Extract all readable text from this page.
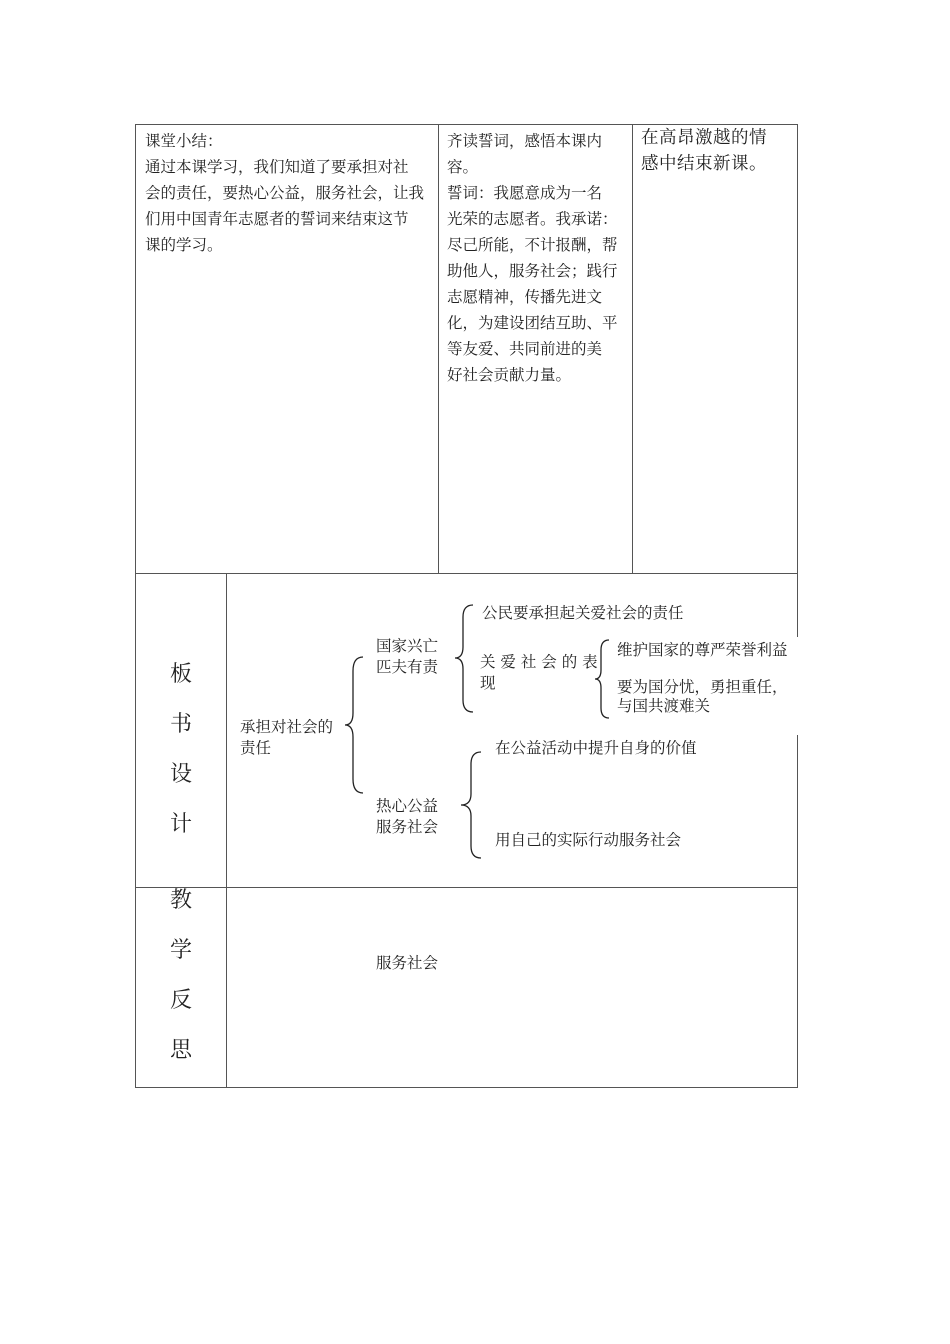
课堂小结：
通过本课学习，我们知道了要承担对社
会的责任，要热心公益，服务社会，让我
们用中国青年志愿者的誓词来结束这节
课的学习。
齐读誓词，感悟本课内
容。
誓词：我愿意成为一名
光荣的志愿者。我承诺：
尽己所能，不计报酬，帮
助他人，服务社会；践行
志愿精神，传播先进文
化，为建设团结互助、平
等友爱、共同前进的美
好社会贡献力量。
在高昂激越的情
感中结束新课。
板
书
设
计
承担对社会的
责任
国家兴亡
匹夫有责
公民要承担起关爱社会的责任
关 爱 社 会 的 表
现
维护国家的尊严荣誉利益
要为国分忧，勇担重任，
与国共渡难关
热心公益
服务社会
在公益活动中提升自身的价值
用自己的实际行动服务社会
教
学
反
思
服务社会
